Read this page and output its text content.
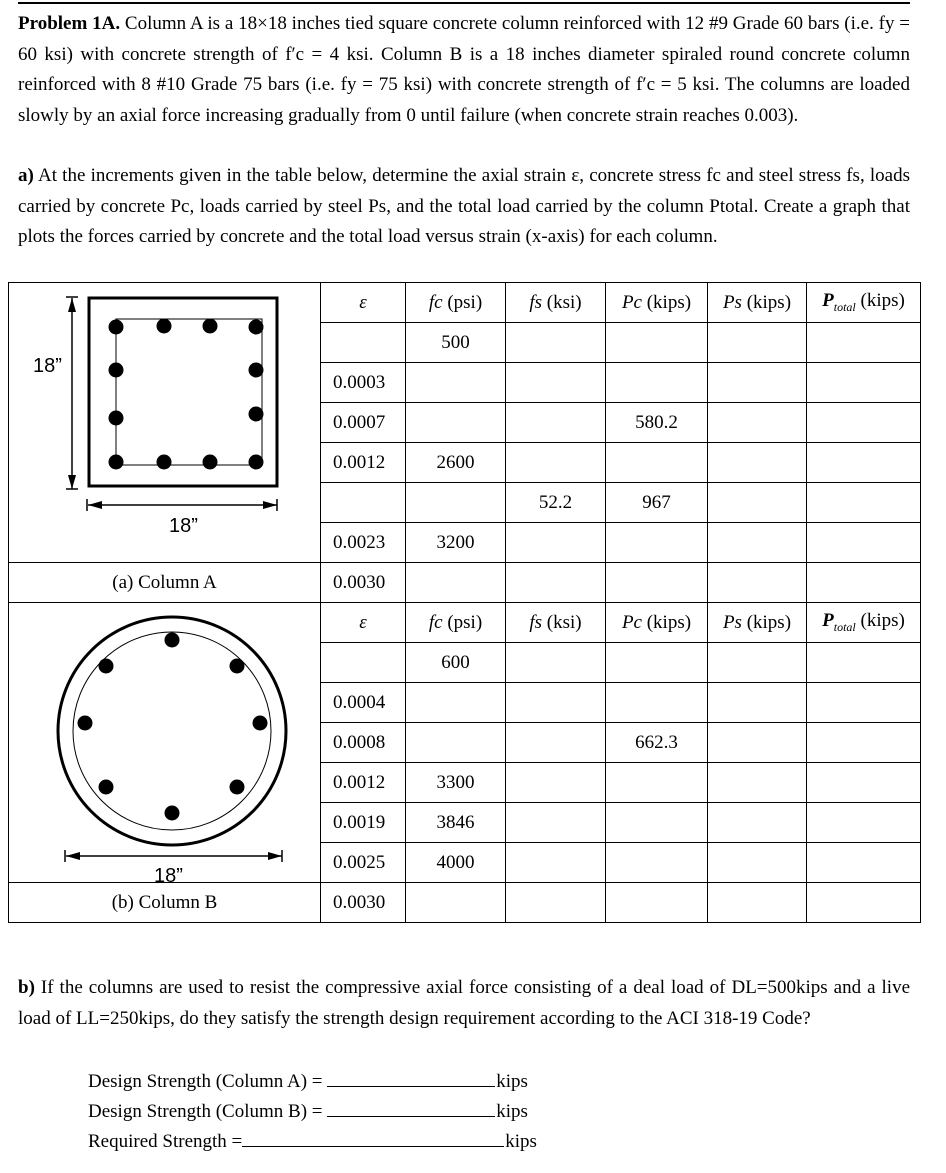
Problem 1A. Column A is a 18×18 inches tied square concrete column reinforced with 12 #9 Grade 60 bars (i.e. fy = 60 ksi) with concrete strength of f′c = 4 ksi. Column B is a 18 inches diameter spiraled round concrete column reinforced with 8 #10 Grade 75 bars (i.e. fy = 75 ksi) with concrete strength of f′c = 5 ksi. The columns are loaded slowly by an axial force increasing gradually from 0 until failure (when concrete strain reaches 0.003).
a) At the increments given in the table below, determine the axial strain ε, concrete stress fc and steel stress fs, loads carried by concrete Pc, loads carried by steel Ps, and the total load carried by the column Ptotal. Create a graph that plots the forces carried by concrete and the total load versus strain (x-axis) for each column.
18”
18”	ε	fc (psi)	fs (ksi)	Pc (kips)	Ps (kips)	$P_{total}$ (kips)
		500				
	0.0003					
	0.0007			580.2		
	0.0012	2600				
			52.2	967		
	0.0023	3200				
(a) Column A	0.0030					

18”	ε	fc (psi)	fs (ksi)	Pc (kips)	Ps (kips)	$P_{total}$ (kips)
		600				
	0.0004					
	0.0008			662.3		
	0.0012	3300				
	0.0019	3846				
	0.0025	4000				
(b) Column B	0.0030					
b) If the columns are used to resist the compressive axial force consisting of a deal load of DL=500kips and a live load of LL=250kips, do they satisfy the strength design requirement according to the ACI 318-19 Code?
Design Strength (Column A) =	kips
Design Strength (Column B) =	kips
Required Strength =	kips
